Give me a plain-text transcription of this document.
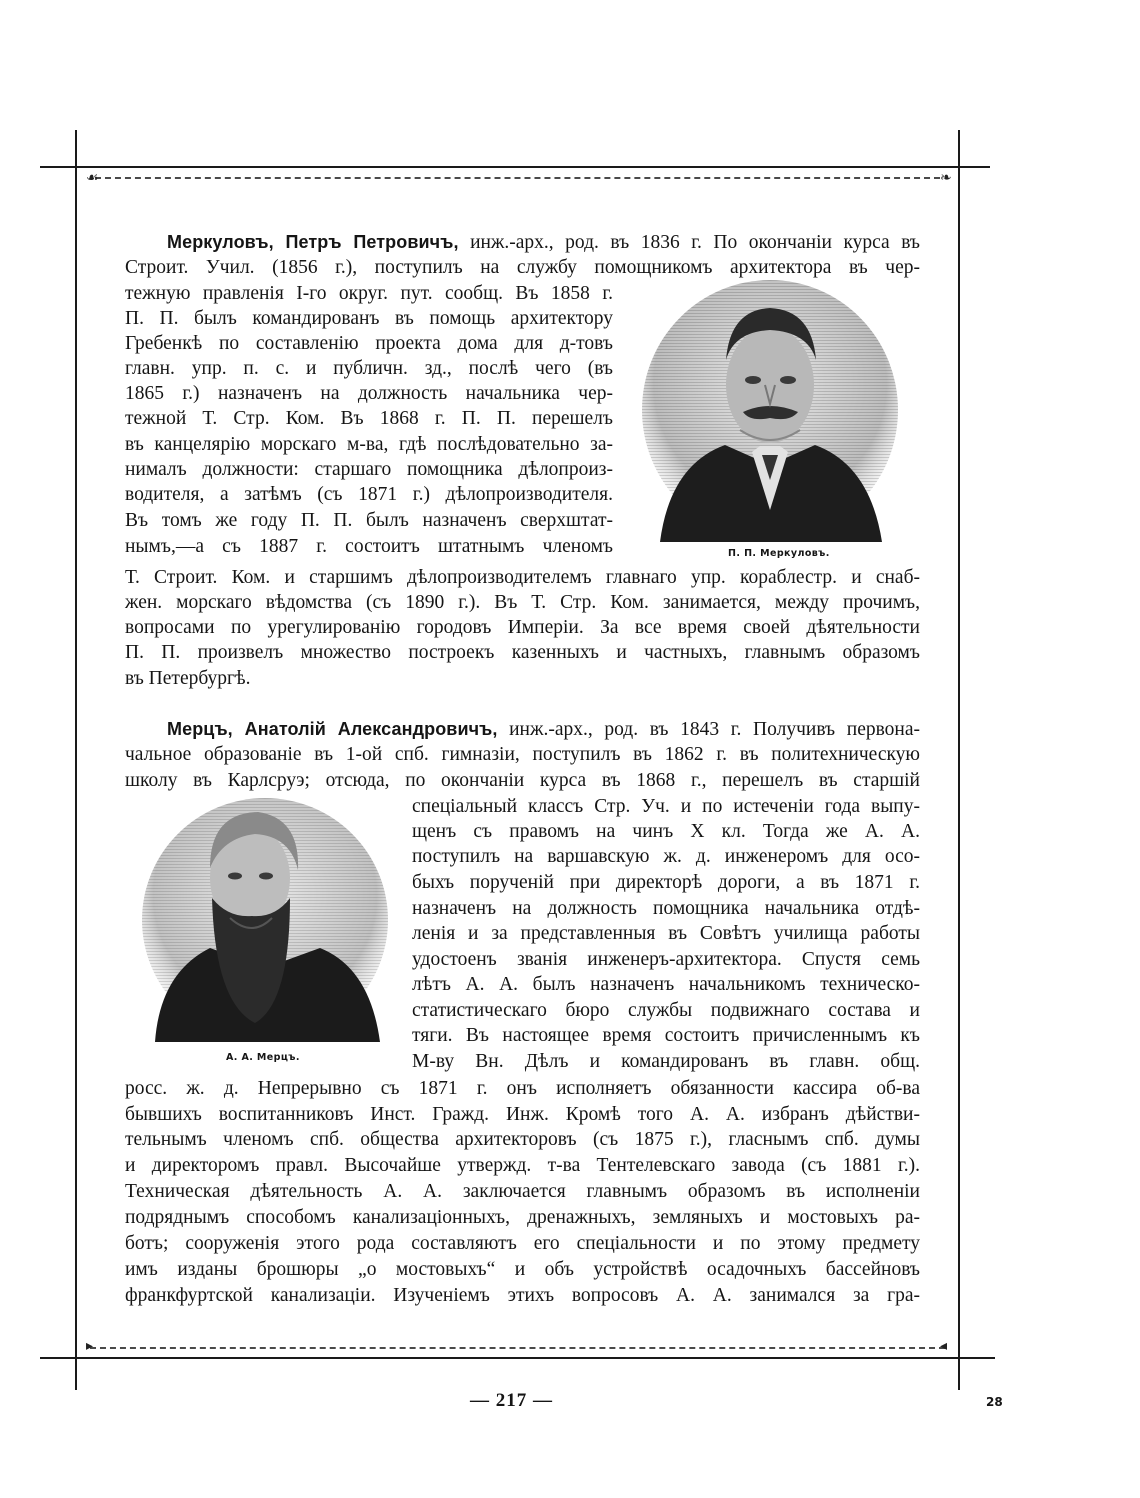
☙	❧
▸	◂

Меркуловъ, Петръ Петровичъ, инж.-арх., род. въ 1836 г. По окончанiи курса въ

Строит. Учил. (1856 г.), поступилъ на службу помощникомъ архитектора въ чер-

тежную правленія I-го округ. пут. сообщ. Въ 1858 г.

П. П. былъ командированъ въ помощь архитектору

Гребенкѣ по составленію проекта дома для д-товъ

главн. упр. п. с. и публичн. зд., послѣ чего (въ

1865 г.) назначенъ на должность начальника чер-

тежной Т. Стр. Ком. Въ 1868 г. П. П. перешелъ

въ канцелярію морскаго м-ва, гдѣ послѣдовательно за-

нималъ должности: старшаго помощника дѣлопроиз-

водителя, а затѣмъ (съ 1871 г.) дѣлопроизводителя.

Въ томъ же году П. П. былъ назначенъ сверхштат-

нымъ,—а съ 1887 г. состоитъ штатнымъ членомъ

Т. Строит. Ком. и старшимъ дѣлопроизводителемъ главнаго упр. кораблестр. и снаб-

жен. морскаго вѣдомства (съ 1890 г.). Въ Т. Стр. Ком. занимается, между прочимъ,

вопросами по урегулированію городовъ Имперіи. За все время своей дѣятельности

П. П. произвелъ множество построекъ казенныхъ и частныхъ, главнымъ образомъ

въ Петербургѣ.

П. П. Меркуловъ.

Мерцъ, Анатолій Александровичъ, инж.-арх., род. въ 1843 г. Получивъ первона-

чальное образованіе въ 1-ой спб. гимназіи, поступилъ въ 1862 г. въ политехническую

школу въ Карлсруэ; отсюда, по окончаніи курса въ 1868 г., перешелъ въ старшій

спеціальный классъ Стр. Уч. и по истеченіи года выпу-

щенъ съ правомъ на чинъ X кл. Тогда же А. А.

поступилъ на варшавскую ж. д. инженеромъ для осо-

быхъ порученій при директорѣ дороги, а въ 1871 г.

назначенъ на должность помощника начальника отдѣ-

ленія и за представленныя въ Совѣтъ училища работы

удостоенъ званія инженеръ-архитектора. Спустя семь

лѣтъ А. А. былъ назначенъ начальникомъ техническо-

статистическаго бюро службы подвижнаго состава и

тяги. Въ настоящее время состоитъ причисленнымъ къ

М-ву Вн. Дѣлъ и командированъ въ главн. общ.

росс. ж. д. Непрерывно съ 1871 г. онъ исполняетъ обязанности кассира об-ва

бывшихъ воспитанниковъ Инст. Гражд. Инж. Кромѣ того А. А. избранъ дѣйстви-

тельнымъ членомъ спб. общества архитекторовъ (съ 1875 г.), гласнымъ спб. думы

и директоромъ правл. Высочайше утвержд. т-ва Тентелевскаго завода (съ 1881 г.).

Техническая дѣятельность А. А. заключается главнымъ образомъ въ исполненіи

подряднымъ способомъ канализаціонныхъ, дренажныхъ, земляныхъ и мостовыхъ ра-

ботъ; сооруженія этого рода составляютъ его спеціальности и по этому предмету

имъ изданы брошюры „о мостовыхъ“ и объ устройствѣ осадочныхъ бассейновъ

франкфуртской канализаціи. Изученіемъ этихъ вопросовъ А. А. занимался за гра-

А. А. Мерцъ.

— 217 —	28
